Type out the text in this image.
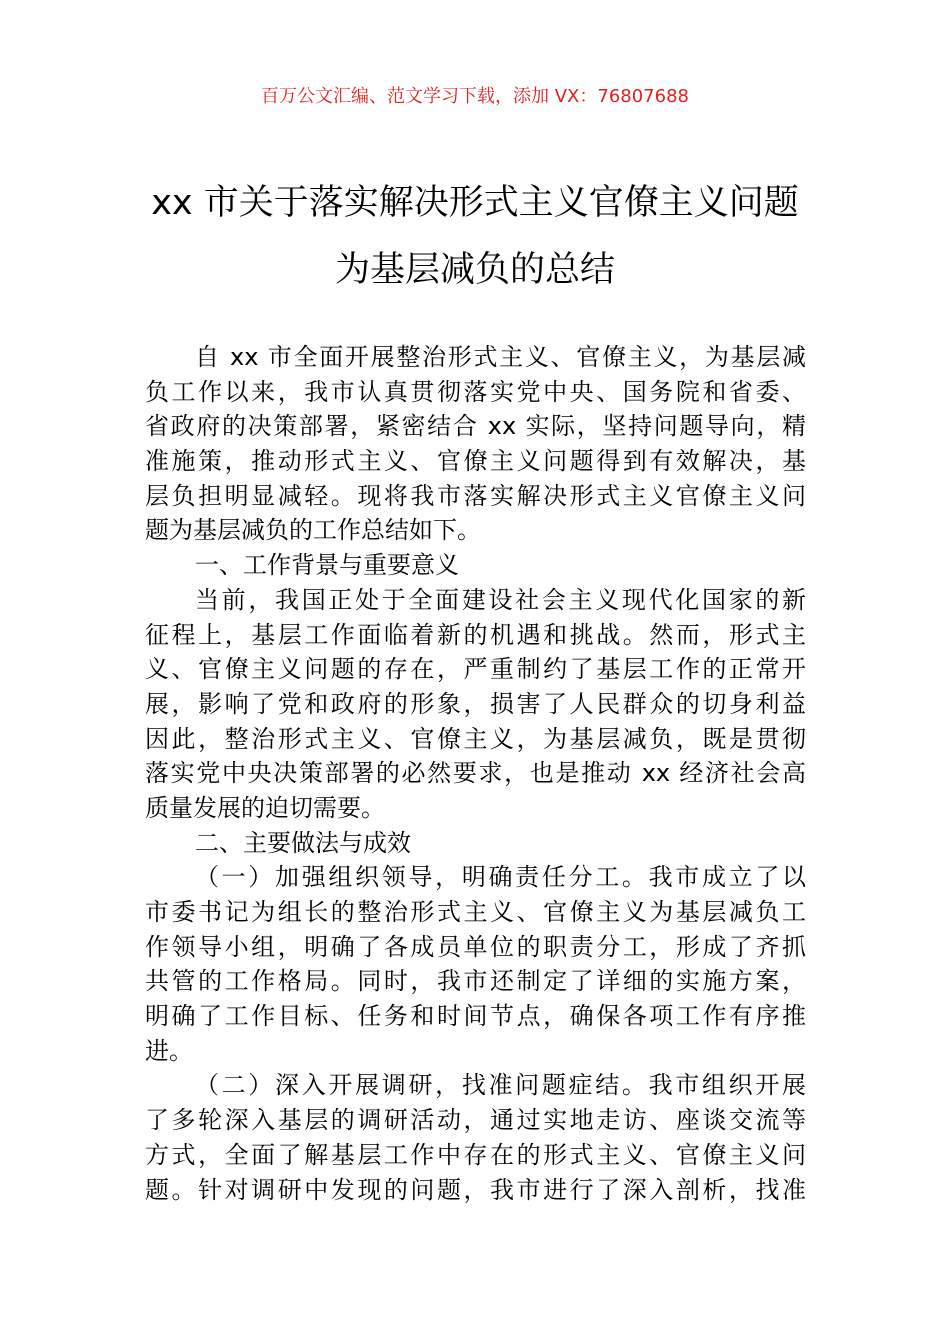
百万公文汇编、范文学习下载，添加 VX：76807688
xx 市关于落实解决形式主义官僚主义问题
为基层减负的总结
自 xx 市全面开展整治形式主义、官僚主义，为基层减
负工作以来，我市认真贯彻落实党中央、国务院和省委、
省政府的决策部署，紧密结合 xx 实际，坚持问题导向，精
准施策，推动形式主义、官僚主义问题得到有效解决，基
层负担明显减轻。现将我市落实解决形式主义官僚主义问
题为基层减负的工作总结如下。
一、工作背景与重要意义
当前，我国正处于全面建设社会主义现代化国家的新
征程上，基层工作面临着新的机遇和挑战。然而，形式主
义、官僚主义问题的存在，严重制约了基层工作的正常开
展，影响了党和政府的形象，损害了人民群众的切身利益
因此，整治形式主义、官僚主义，为基层减负，既是贯彻
落实党中央决策部署的必然要求，也是推动 xx 经济社会高
质量发展的迫切需要。
二、主要做法与成效
（一）加强组织领导，明确责任分工。我市成立了以
市委书记为组长的整治形式主义、官僚主义为基层减负工
作领导小组，明确了各成员单位的职责分工，形成了齐抓
共管的工作格局。同时，我市还制定了详细的实施方案，
明确了工作目标、任务和时间节点，确保各项工作有序推
进。
（二）深入开展调研，找准问题症结。我市组织开展
了多轮深入基层的调研活动，通过实地走访、座谈交流等
方式，全面了解基层工作中存在的形式主义、官僚主义问
题。针对调研中发现的问题，我市进行了深入剖析，找准
